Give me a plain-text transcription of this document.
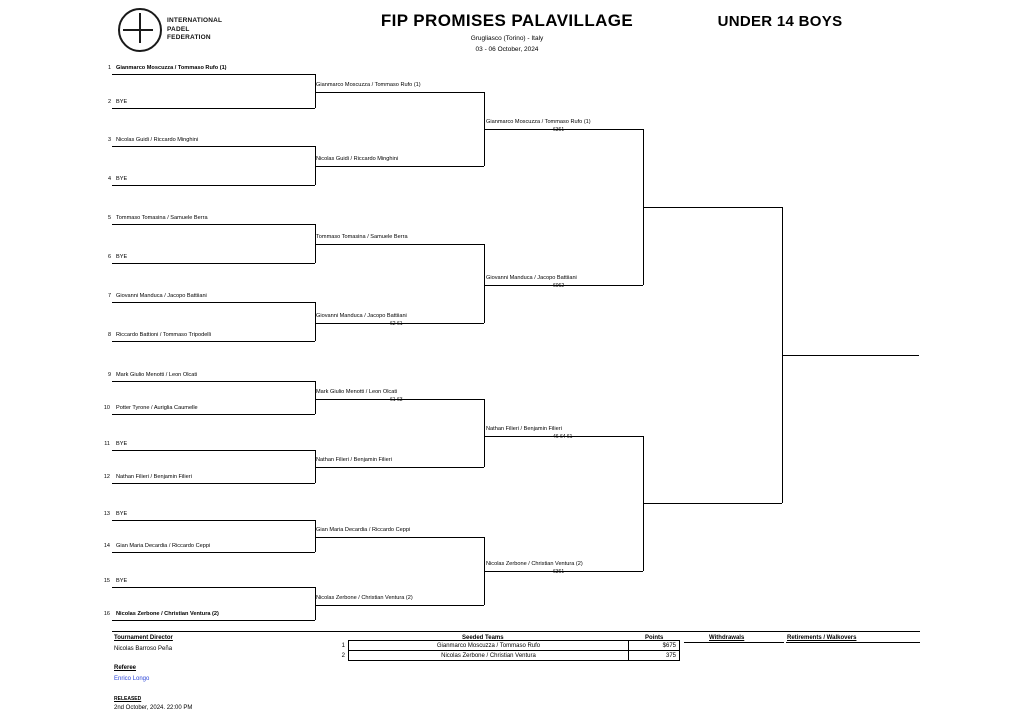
INTERNATIONAL
PADEL
FEDERATION
FIP PROMISES PALAVILLAGE
Grugliasco (Torino) - Italy
03 - 06 October, 2024
UNDER 14 BOYS
1 Gianmarco Moscuzza / Tommaso Rufo (1)
2 BYE
3 Nicolas Guidi / Riccardo Minghini
4 BYE
5 Tommaso Tomasina / Samuele Berra
6 BYE
7 Giovanni Manduca / Jacopo Battiiani
8 Riccardo Battioni / Tommaso Tripodelli
9 Mark Giulio Menotti / Leon Olcati
10 Potter Tyrone / Auriglia Caumelle
11 BYE
12 Nathan Filieri / Benjamin Filieri
13 BYE
14 Gian Maria Decardia / Riccardo Ceppi
15 BYE
16 Nicolas Zerbone / Christian Ventura (2)
Gianmarco Moscuzza / Tommaso Rufo (1)
Nicolas Guidi / Riccardo Minghini
Tommaso Tomasina / Samuele Berra
Giovanni Manduca / Jacopo Battiiani
62 61
Mark Giulio Menotti / Leon Olcati
61 63
Nathan Filieri / Benjamin Filieri
Gian Maria Decardia / Riccardo Ceppi
Nicolas Zerbone / Christian Ventura (2)
Gianmarco Moscuzza / Tommaso Rufo (1)
6361
Giovanni Manduca / Jacopo Battiiani
6062
Nathan Filieri / Benjamin Filieri
46 64 61
Nicolas Zerbone / Christian Ventura (2)
6361
Tournament Director
Nicolas Barroso Peña
Referee
Enrico Longo
RELEASED
2nd October, 2024. 22:00 PM
Seeded Teams	Points	Withdrawals	Retirements / Walkovers
1	Gianmarco Moscuzza / Tommaso Rufo	$675
2	Nicolas Zerbone / Christian Ventura	375
